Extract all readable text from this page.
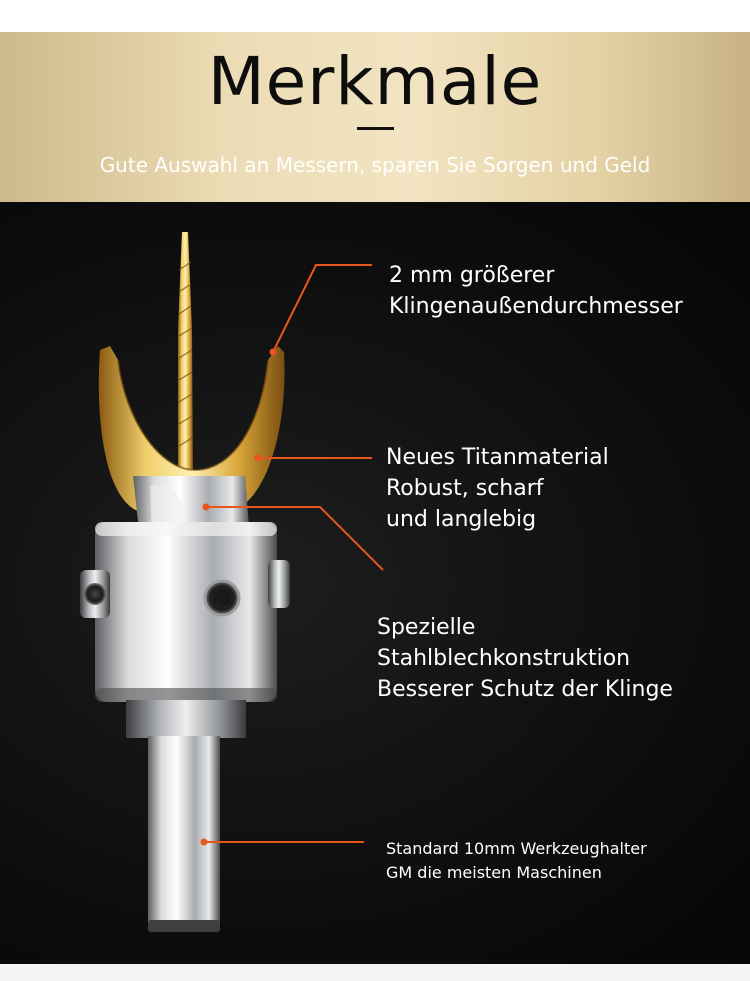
Merkmale
Gute Auswahl an Messern, sparen Sie Sorgen und Geld
2 mm größerer
Klingenaußendurchmesser
Neues Titanmaterial
Robust, scharf
und langlebig
Spezielle
Stahlblechkonstruktion
Besserer Schutz der Klinge
Standard 10mm Werkzeughalter
GM die meisten Maschinen
